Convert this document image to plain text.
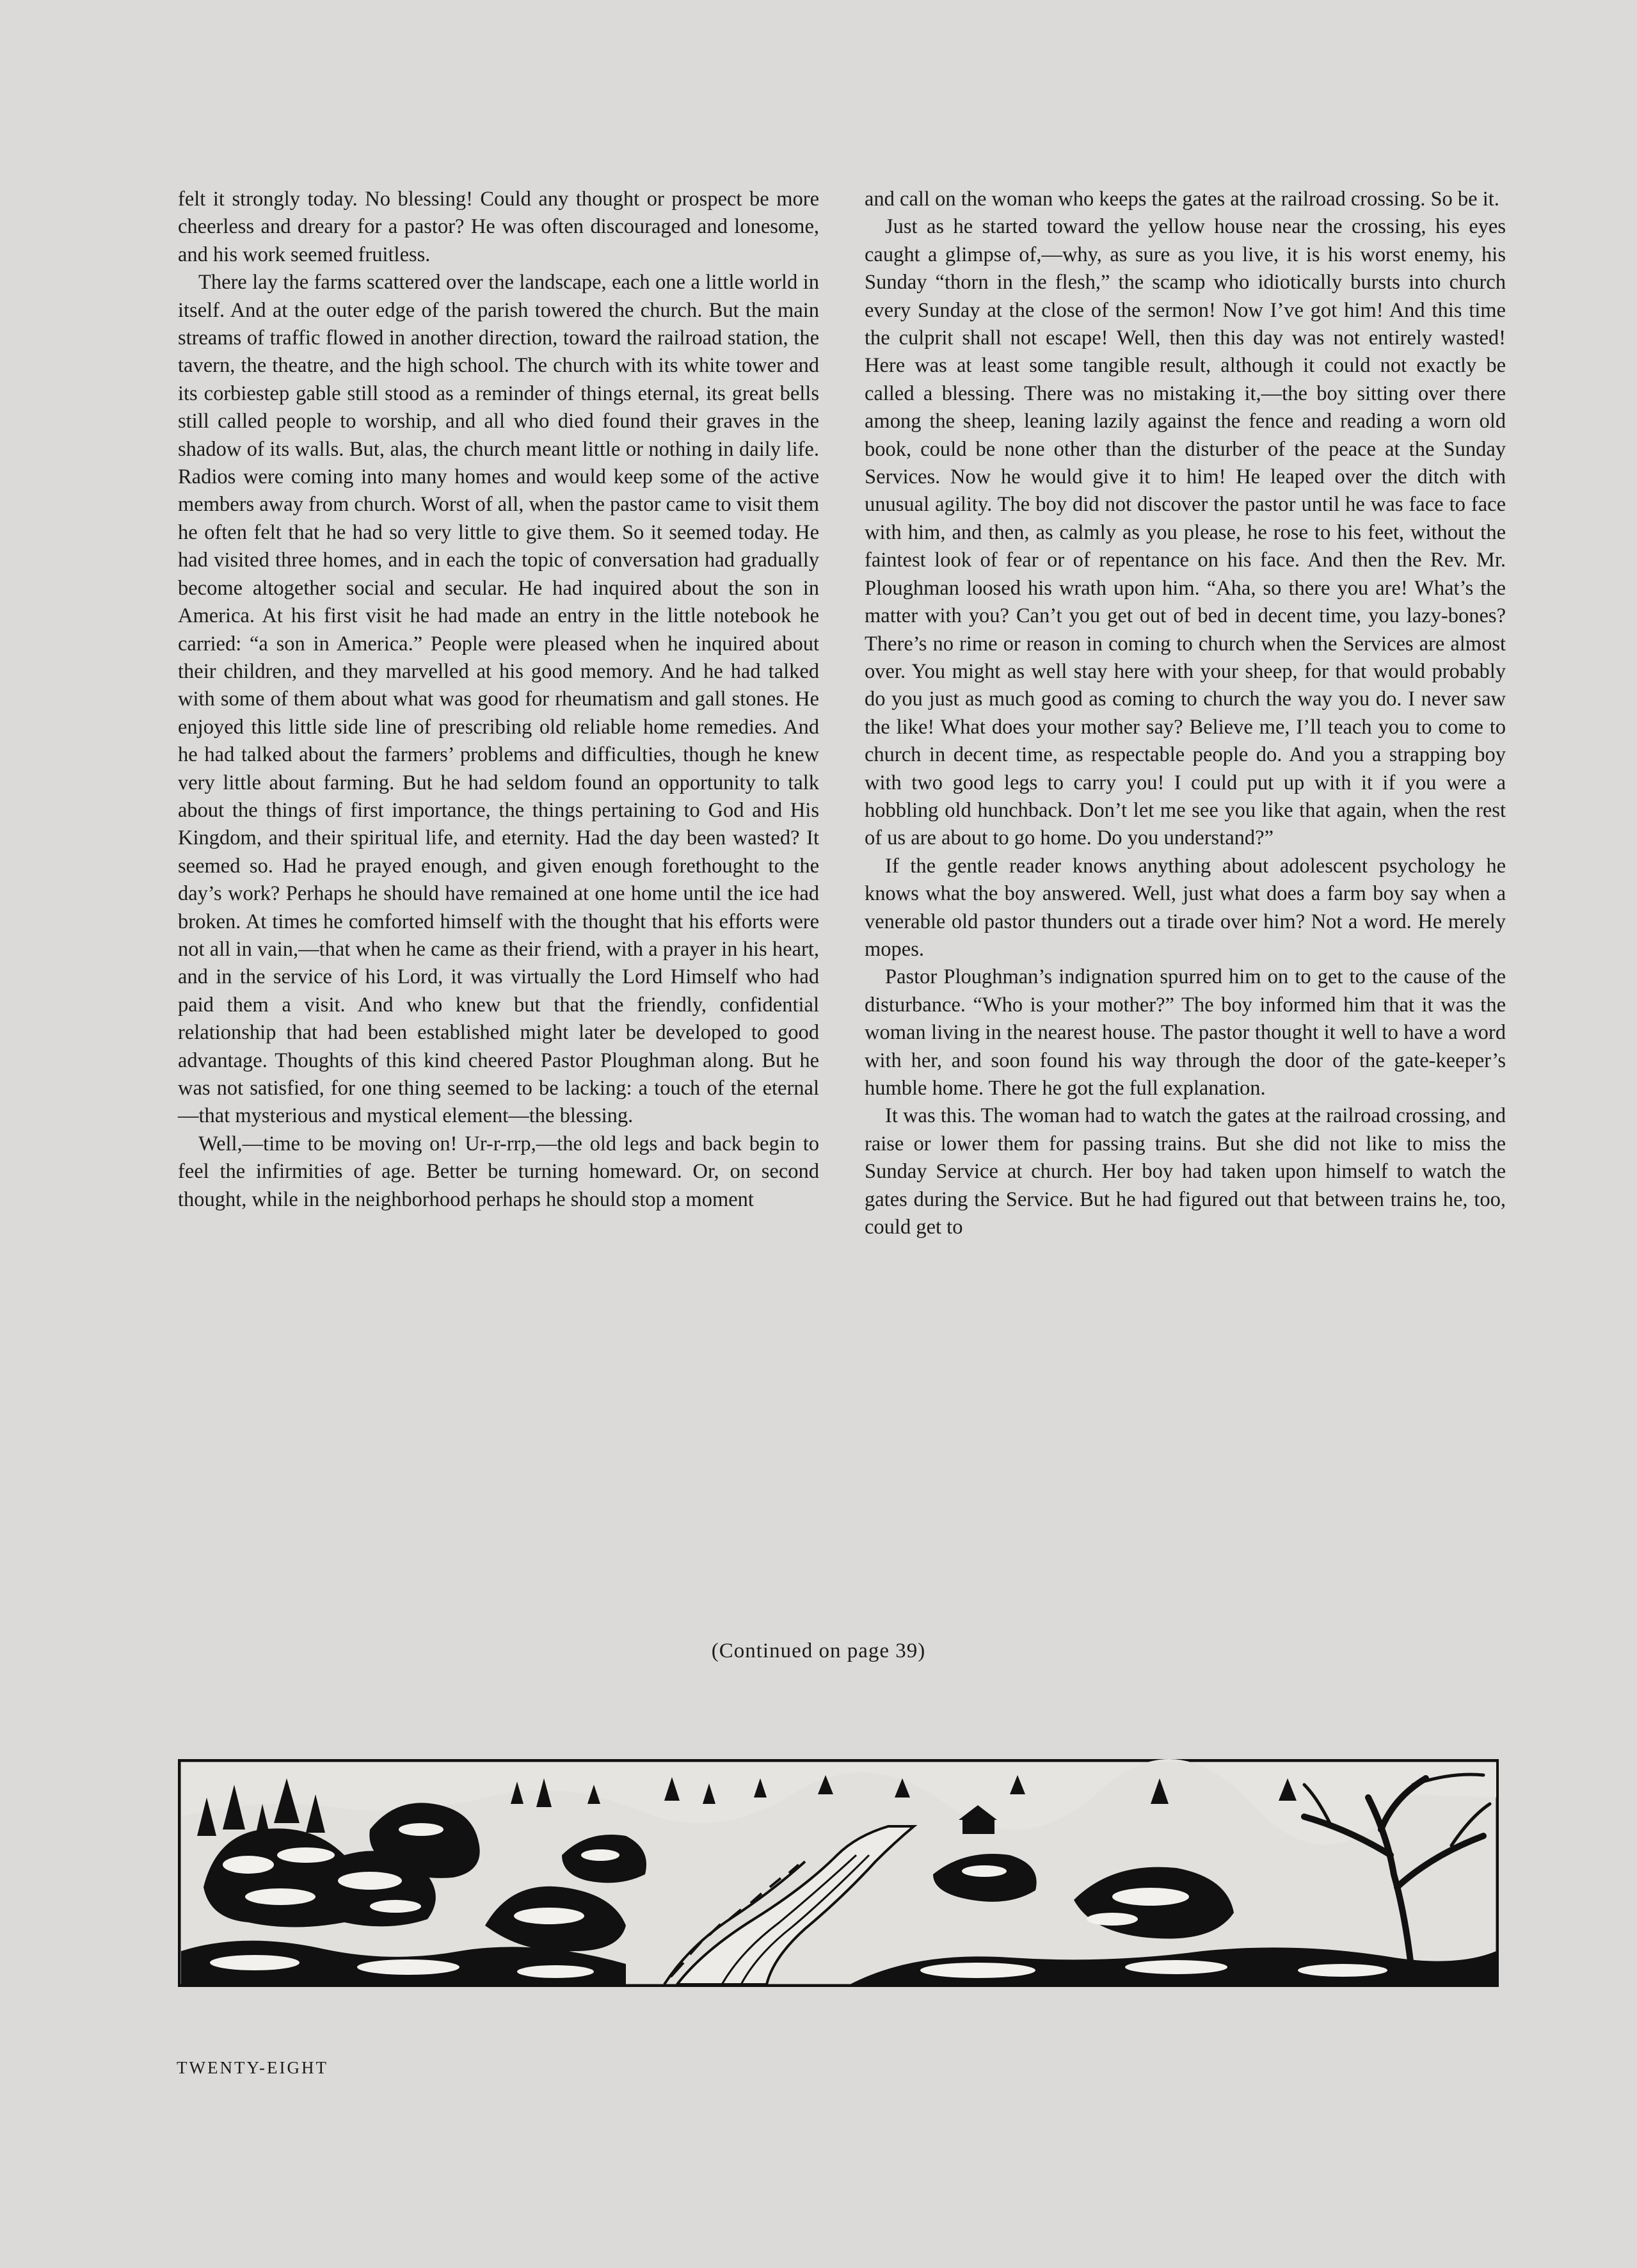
felt it strongly today. No blessing! Could any thought or prospect be more cheerless and dreary for a pastor? He was often discouraged and lonesome, and his work seemed fruitless.

There lay the farms scattered over the landscape, each one a little world in itself. And at the outer edge of the parish towered the church. But the main streams of traffic flowed in another direction, toward the railroad station, the tavern, the theatre, and the high school. The church with its white tower and its corbiestep gable still stood as a reminder of things eternal, its great bells still called people to worship, and all who died found their graves in the shadow of its walls. But, alas, the church meant little or nothing in daily life. Radios were coming into many homes and would keep some of the active members away from church. Worst of all, when the pastor came to visit them he often felt that he had so very little to give them. So it seemed today. He had visited three homes, and in each the topic of conversation had gradually become altogether social and secular. He had inquired about the son in America. At his first visit he had made an entry in the little notebook he carried: “a son in America.” People were pleased when he inquired about their children, and they marvelled at his good memory. And he had talked with some of them about what was good for rheumatism and gall stones. He enjoyed this little side line of prescribing old reliable home remedies. And he had talked about the farmers’ problems and difficulties, though he knew very little about farming. But he had seldom found an opportunity to talk about the things of first importance, the things pertaining to God and His Kingdom, and their spiritual life, and eternity. Had the day been wasted? It seemed so. Had he prayed enough, and given enough forethought to the day’s work? Perhaps he should have remained at one home until the ice had broken. At times he comforted himself with the thought that his efforts were not all in vain,—that when he came as their friend, with a prayer in his heart, and in the service of his Lord, it was virtually the Lord Himself who had paid them a visit. And who knew but that the friendly, confidential relationship that had been established might later be developed to good advantage. Thoughts of this kind cheered Pastor Ploughman along. But he was not satisfied, for one thing seemed to be lacking: a touch of the eternal —that mysterious and mystical element—the blessing.

Well,—time to be moving on! Ur-r-rrp,—the old legs and back begin to feel the infirmities of age. Better be turning homeward. Or, on second thought, while in the neighborhood perhaps he should stop a moment

and call on the woman who keeps the gates at the railroad crossing. So be it.

Just as he started toward the yellow house near the crossing, his eyes caught a glimpse of,—why, as sure as you live, it is his worst enemy, his Sunday “thorn in the flesh,” the scamp who idiotically bursts into church every Sunday at the close of the sermon! Now I’ve got him! And this time the culprit shall not escape! Well, then this day was not entirely wasted! Here was at least some tangible result, although it could not exactly be called a blessing. There was no mistaking it,—the boy sitting over there among the sheep, leaning lazily against the fence and reading a worn old book, could be none other than the disturber of the peace at the Sunday Services. Now he would give it to him! He leaped over the ditch with unusual agility. The boy did not discover the pastor until he was face to face with him, and then, as calmly as you please, he rose to his feet, without the faintest look of fear or of repentance on his face. And then the Rev. Mr. Ploughman loosed his wrath upon him. “Aha, so there you are! What’s the matter with you? Can’t you get out of bed in decent time, you lazy-bones? There’s no rime or reason in coming to church when the Services are almost over. You might as well stay here with your sheep, for that would probably do you just as much good as coming to church the way you do. I never saw the like! What does your mother say? Believe me, I’ll teach you to come to church in decent time, as respectable people do. And you a strapping boy with two good legs to carry you! I could put up with it if you were a hobbling old hunchback. Don’t let me see you like that again, when the rest of us are about to go home. Do you understand?”

If the gentle reader knows anything about adolescent psychology he knows what the boy answered. Well, just what does a farm boy say when a venerable old pastor thunders out a tirade over him? Not a word. He merely mopes.

Pastor Ploughman’s indignation spurred him on to get to the cause of the disturbance. “Who is your mother?” The boy informed him that it was the woman living in the nearest house. The pastor thought it well to have a word with her, and soon found his way through the door of the gate-keeper’s humble home. There he got the full explanation.

It was this. The woman had to watch the gates at the railroad crossing, and raise or lower them for passing trains. But she did not like to miss the Sunday Service at church. Her boy had taken upon himself to watch the gates during the Service. But he had figured out that between trains he, too, could get to

(Continued on page 39)
TWENTY-EIGHT
